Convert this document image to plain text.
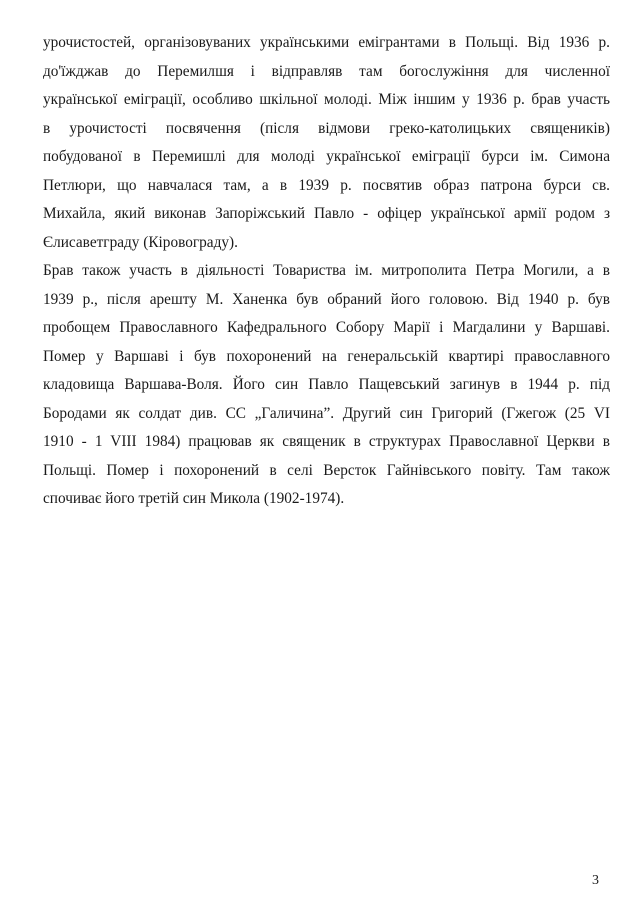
урочистостей, організовуваних українськими емігрантами в Польщі. Від 1936 р.
до'їжджав до Перемилшя і відправляв там богослужіння для численної
української еміграції, особливо шкільної молоді. Між іншим у 1936 р. брав участь
в урочистості посвячення (після відмови греко-католицьких священиків)
побудованої в Перемишлі для молоді української еміграції бурси ім. Симона
Петлюри, що навчалася там, а в 1939 р. посвятив образ патрона бурси св.
Михайла, який виконав Запоріжський Павло - офіцер української армії родом з
Єлисаветграду (Кіровограду).
Брав також участь в діяльності Товариства ім. митрополита Петра Могили, а в
1939 р., після арешту М. Ханенка був обраний його головою. Від 1940 р. був
пробощем Православного Кафедрального Собору Марії і Магдалини у Варшаві.
Помер у Варшаві і був похоронений на генеральській квартирі православного
кладовища Варшава-Воля. Його син Павло Пащевський загинув в 1944 р. під
Бородами як солдат див. СС „Галичина”. Другий син Григорий (Гжегож (25 VI
1910 - 1 VIII 1984) працював як священик в структурах Православної Церкви в
Польщі. Помер і похоронений в селі Версток Гайнівського повіту. Там також
спочиває його третій син Микола (1902-1974).
3
